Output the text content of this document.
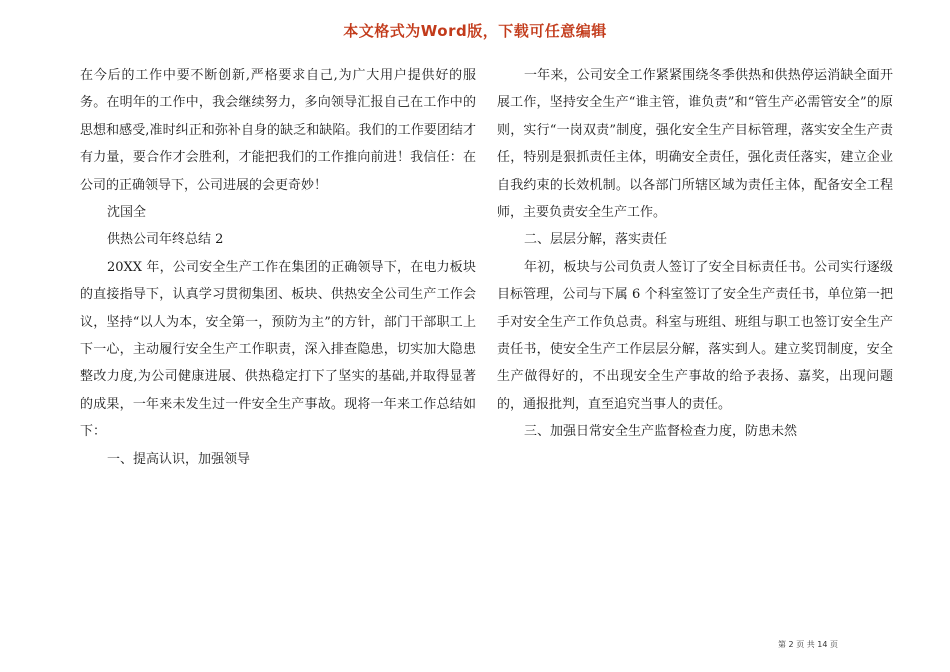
本文格式为Word版，下载可任意编辑

在今后的工作中要不断创新,严格要求自己,为广大用户提供好的服务。在明年的工作中，我会继续努力，多向领导汇报自己在工作中的思想和感受,准时纠正和弥补自身的缺乏和缺陷。我们的工作要团结才有力量，要合作才会胜利，才能把我们的工作推向前进！我信任：在公司的正确领导下，公司进展的会更奇妙！

沈国全

供热公司年终总结 2

20XX 年，公司安全生产工作在集团的正确领导下，在电力板块的直接指导下，认真学习贯彻集团、板块、供热安全公司生产工作会议，坚持“以人为本，安全第一，预防为主”的方针，部门干部职工上下一心，主动履行安全生产工作职责，深入排查隐患，切实加大隐患整改力度,为公司健康进展、供热稳定打下了坚实的基础,并取得显著的成果，一年来未发生过一件安全生产事故。现将一年来工作总结如下：

一、提高认识，加强领导

一年来，公司安全工作紧紧围绕冬季供热和供热停运消缺全面开展工作，坚持安全生产“谁主管，谁负责”和“管生产必需管安全”的原则，实行“一岗双责”制度，强化安全生产目标管理，落实安全生产责任，特别是狠抓责任主体，明确安全责任，强化责任落实，建立企业自我约束的长效机制。以各部门所辖区域为责任主体，配备安全工程师，主要负责安全生产工作。

二、层层分解，落实责任

年初，板块与公司负责人签订了安全目标责任书。公司实行逐级目标管理，公司与下属 6 个科室签订了安全生产责任书，单位第一把手对安全生产工作负总责。科室与班组、班组与职工也签订安全生产责任书，使安全生产工作层层分解，落实到人。建立奖罚制度，安全生产做得好的，不出现安全生产事故的给予表扬、嘉奖，出现问题的，通报批判，直至追究当事人的责任。

三、加强日常安全生产监督检查力度，防患未然

第 2 页 共 14 页
